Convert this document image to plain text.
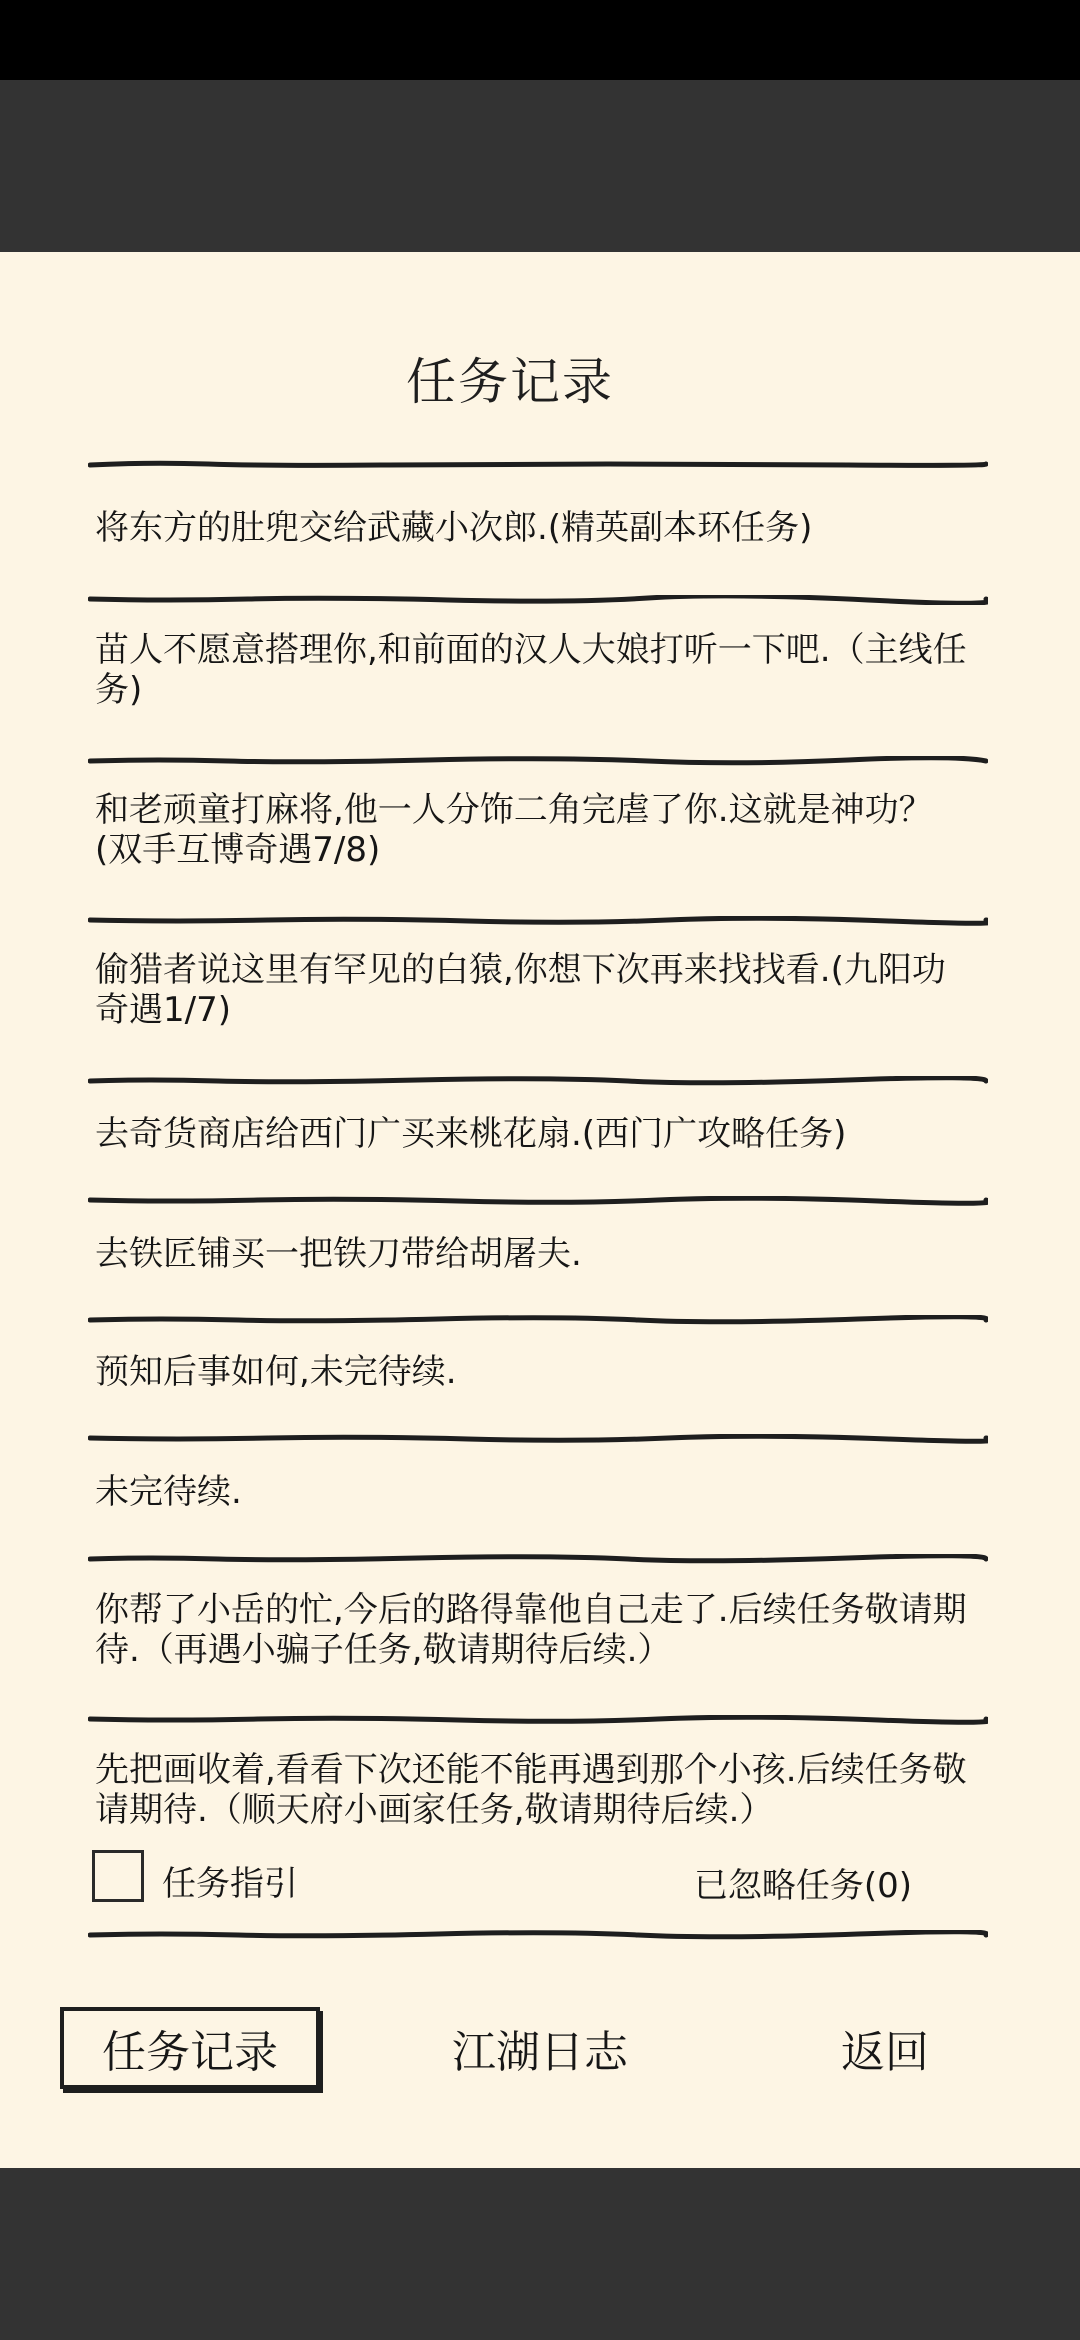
任务记录
将东方的肚兜交给武藏小次郎.(精英副本环任务)
苗人不愿意搭理你,和前面的汉人大娘打听一下吧.（主线任务)
和老顽童打麻将,他一人分饰二角完虐了你.这就是神功？(双手互博奇遇7/8)
偷猎者说这里有罕见的白猿,你想下次再来找找看.(九阳功奇遇1/7)
去奇货商店给西门广买来桃花扇.(西门广攻略任务)
去铁匠铺买一把铁刀带给胡屠夫.
预知后事如何,未完待续.
未完待续.
你帮了小岳的忙,今后的路得靠他自己走了.后续任务敬请期待.（再遇小骗子任务,敬请期待后续.）
先把画收着,看看下次还能不能再遇到那个小孩.后续任务敬请期待.（顺天府小画家任务,敬请期待后续.）
任务指引	已忽略任务(0)
任务记录	江湖日志	返回
